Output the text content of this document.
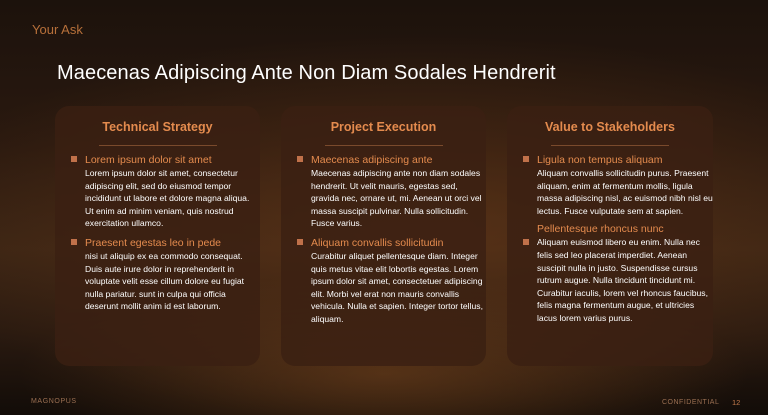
Your Ask
Maecenas Adipiscing Ante Non Diam Sodales Hendrerit
Technical Strategy
Lorem ipsum dolor sit amet
Lorem ipsum dolor sit amet, consectetur adipiscing elit, sed do eiusmod tempor incididunt ut labore et dolore magna aliqua. Ut enim ad minim veniam, quis nostrud exercitation ullamco.
Praesent egestas leo in pede
nisi ut aliquip ex ea commodo consequat. Duis aute irure dolor in reprehenderit in voluptate velit esse cillum dolore eu fugiat nulla pariatur. sunt in culpa qui officia deserunt mollit anim id est laborum.
Project Execution
Maecenas adipiscing ante
Maecenas adipiscing ante non diam sodales hendrerit. Ut velit mauris, egestas sed, gravida nec, ornare ut, mi. Aenean ut orci vel massa suscipit pulvinar. Nulla sollicitudin. Fusce varius.
Aliquam convallis sollicitudin
Curabitur aliquet pellentesque diam. Integer quis metus vitae elit lobortis egestas. Lorem ipsum dolor sit amet, consectetuer adipiscing elit. Morbi vel erat non mauris convallis vehicula. Nulla et sapien. Integer tortor tellus, aliquam.
Value to Stakeholders
Ligula non tempus aliquam
Aliquam convallis sollicitudin purus. Praesent aliquam, enim at fermentum mollis, ligula massa adipiscing nisl, ac euismod nibh nisl eu lectus. Fusce vulputate sem at sapien.
Pellentesque rhoncus nunc
Aliquam euismod libero eu enim. Nulla nec felis sed leo placerat imperdiet. Aenean suscipit nulla in justo. Suspendisse cursus rutrum augue. Nulla tincidunt tincidunt mi. Curabitur iaculis, lorem vel rhoncus faucibus, felis magna fermentum augue, et ultricies lacus lorem varius purus.
MAGNOPUS	CONFIDENTIAL 12
